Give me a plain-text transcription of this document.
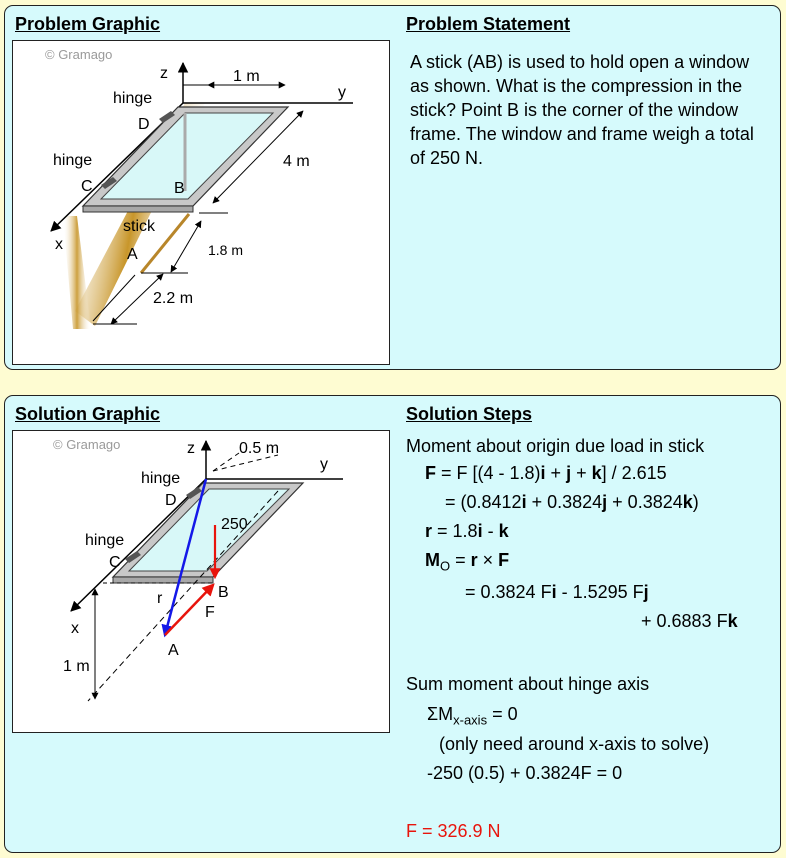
Problem Graphic	Problem Statement
© Gramago
z
y
x
1 m
4 m
1.8 m
2.2 m
hinge
D
hinge
C	B
stick
A
A stick (AB) is used to hold open a window as shown. What is the compression in the stick? Point B is the corner of the window frame. The window and frame weigh a total of 250 N.
Solution Graphic	Solution Steps
© Gramago	z
y
x
0.5 m
hinge
D
hinge
C
250
B
r
F
A
1 m
Moment about origin due load in stick
F = F [(4 - 1.8)i + j + k] / 2.615
= (0.8412i + 0.3824j + 0.3824k)
r = 1.8i - k
$M_O = r \times F$
= 0.3824 Fi - 1.5295 Fj
+ 0.6883 Fk
Sum moment about hinge axis
$\Sigma M_{x-axis} = 0$
(only need around x-axis to solve)
-250 (0.5) + 0.3824F = 0
F = 326.9 N
